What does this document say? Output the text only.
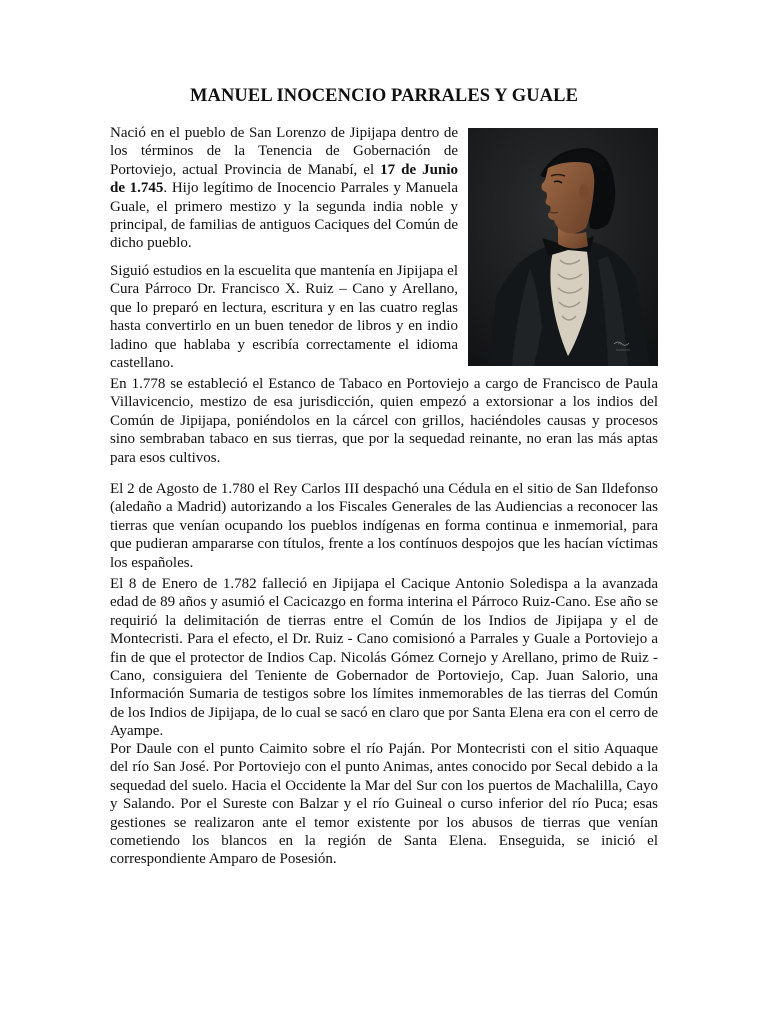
MANUEL INOCENCIO PARRALES Y GUALE

Nació en el pueblo de San Lorenzo de Jipijapa dentro de los términos de la Tenencia de Gobernación de Portoviejo, actual Provincia de Manabí, el 17 de Junio de 1.745. Hijo legítimo de Inocencio Parrales y Manuela Guale, el primero mestizo y la segunda india noble y principal, de familias de antiguos Caciques del Común de dicho pueblo.

~

Siguió estudios en la escuelita que mantenía en Jipijapa el Cura Párroco Dr. Francisco X. Ruiz – Cano y Arellano, que lo preparó en lectura, escritura y en las cuatro reglas hasta convertirlo en un buen tenedor de libros y en indio ladino que hablaba y escribía correctamente el idioma castellano.

En 1.778 se estableció el Estanco de Tabaco en Portoviejo a cargo de Francisco de Paula Villavicencio, mestizo de esa jurisdicción, quien empezó a extorsionar a los indios del Común de Jipijapa, poniéndolos en la cárcel con grillos, haciéndoles causas y procesos sino sembraban tabaco en sus tierras, que por la sequedad reinante, no eran las más aptas para esos cultivos.

El 2 de Agosto de 1.780 el Rey Carlos III despachó una Cédula en el sitio de San Ildefonso (aledaño a Madrid) autorizando a los Fiscales Generales de las Audiencias a reconocer las tierras que venían ocupando los pueblos indígenas en forma continua e inmemorial, para que pudieran ampararse con títulos, frente a los contínuos despojos que les hacían víctimas los españoles.

El 8 de Enero de 1.782 falleció en Jipijapa el Cacique Antonio Soledispa a la avanzada edad de 89 años y asumió el Cacicazgo en forma interina el Párroco Ruiz-Cano. Ese año se requirió la delimitación de tierras entre el Común de los Indios de Jipijapa y el de Montecristi. Para el efecto, el Dr. Ruiz - Cano comisionó a Parrales y Guale a Portoviejo a fin de que el protector de Indios Cap. Nicolás Gómez Cornejo y Arellano, primo de Ruiz - Cano, consiguiera del Teniente de Gobernador de Portoviejo, Cap. Juan Salorio, una Información Sumaria de testigos sobre los límites inmemorables de las tierras del Común de los Indios de Jipijapa, de lo cual se sacó en claro que por Santa Elena era con el cerro de Ayampe.

Por Daule con el punto Caimito sobre el río Paján. Por Montecristi con el sitio Aquaque del río San José. Por Portoviejo con el punto Animas, antes conocido por Secal debido a la sequedad del suelo. Hacia el Occidente la Mar del Sur con los puertos de Machalilla, Cayo y Salando. Por el Sureste con Balzar y el río Guineal o curso inferior del río Puca; esas gestiones se realizaron ante el temor existente por los abusos de tierras que venían cometiendo los blancos en la región de Santa Elena. Enseguida, se inició el correspondiente Amparo de Posesión.
